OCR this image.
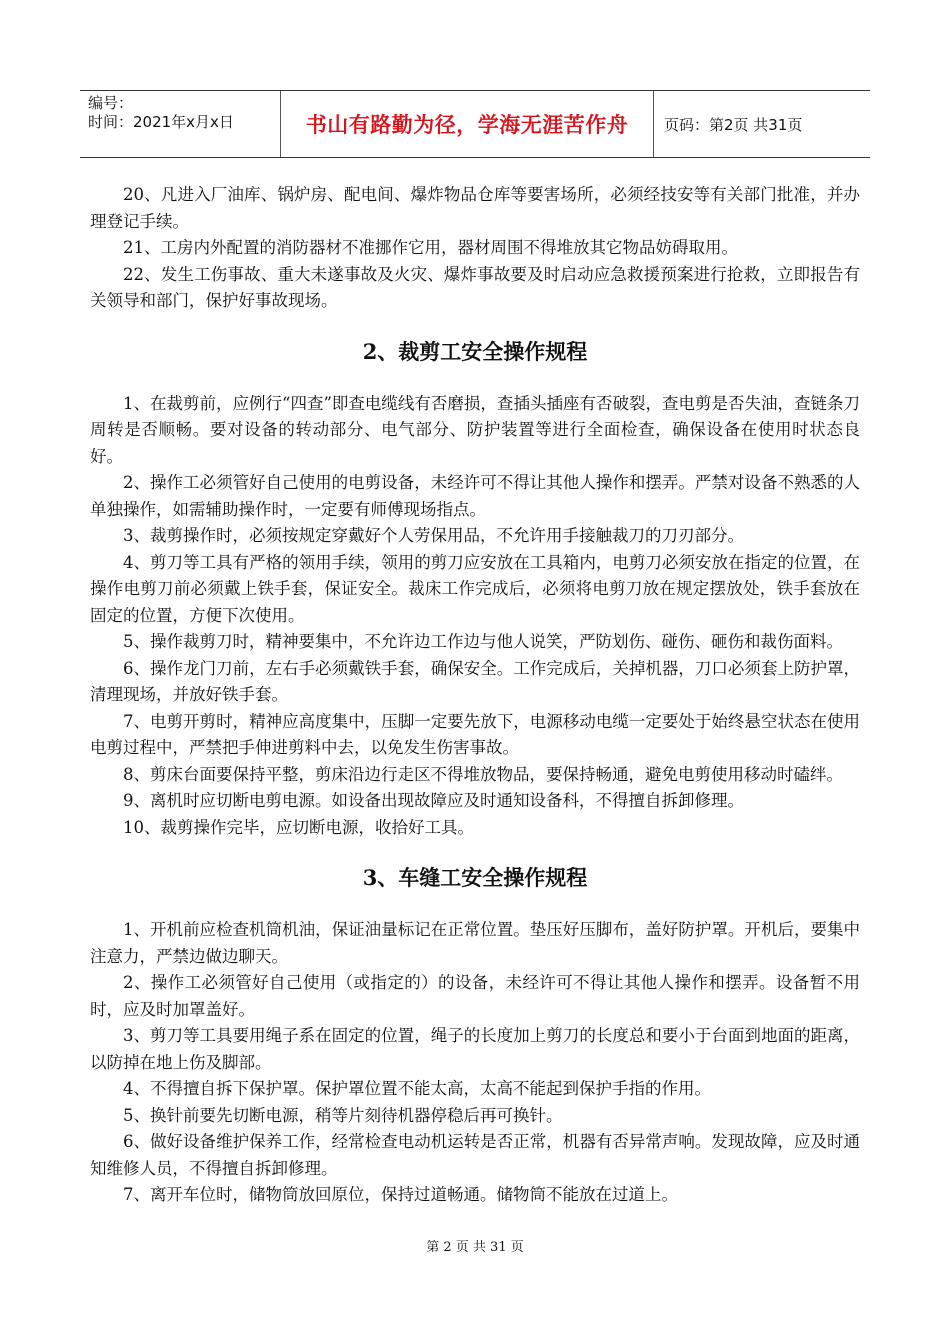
编号：
时间：2021年x月x日	书山有路勤为径，学海无涯苦作舟	页码：第2页 共31页

20、凡进入厂油库、锅炉房、配电间、爆炸物品仓库等要害场所，必须经技安等有关部门批准，并办理登记手续。

21、工房内外配置的消防器材不准挪作它用，器材周围不得堆放其它物品妨碍取用。

22、发生工伤事故、重大未遂事故及火灾、爆炸事故要及时启动应急救援预案进行抢救，立即报告有关领导和部门，保护好事故现场。

2、裁剪工安全操作规程

1、在裁剪前，应例行“四查”即查电缆线有否磨损，查插头插座有否破裂，查电剪是否失油，查链条刀周转是否顺畅。要对设备的转动部分、电气部分、防护装置等进行全面检查，确保设备在使用时状态良好。

2、操作工必须管好自己使用的电剪设备，未经许可不得让其他人操作和摆弄。严禁对设备不熟悉的人单独操作，如需辅助操作时，一定要有师傅现场指点。

3、裁剪操作时，必须按规定穿戴好个人劳保用品，不允许用手接触裁刀的刀刃部分。

4、剪刀等工具有严格的领用手续，领用的剪刀应安放在工具箱内，电剪刀必须安放在指定的位置，在操作电剪刀前必须戴上铁手套，保证安全。裁床工作完成后，必须将电剪刀放在规定摆放处，铁手套放在固定的位置，方便下次使用。

5、操作裁剪刀时，精神要集中，不允许边工作边与他人说笑，严防划伤、碰伤、砸伤和裁伤面料。

6、操作龙门刀前，左右手必须戴铁手套，确保安全。工作完成后，关掉机器，刀口必须套上防护罩，清理现场，并放好铁手套。

7、电剪开剪时，精神应高度集中，压脚一定要先放下，电源移动电缆一定要处于始终悬空状态在使用电剪过程中，严禁把手伸进剪料中去，以免发生伤害事故。

8、剪床台面要保持平整，剪床沿边行走区不得堆放物品，要保持畅通，避免电剪使用移动时磕绊。

9、离机时应切断电剪电源。如设备出现故障应及时通知设备科，不得擅自拆卸修理。

10、裁剪操作完毕，应切断电源，收拾好工具。

3、车缝工安全操作规程

1、开机前应检查机筒机油，保证油量标记在正常位置。垫压好压脚布，盖好防护罩。开机后，要集中注意力，严禁边做边聊天。

2、操作工必须管好自己使用（或指定的）的设备，未经许可不得让其他人操作和摆弄。设备暂不用时，应及时加罩盖好。

3、剪刀等工具要用绳子系在固定的位置，绳子的长度加上剪刀的长度总和要小于台面到地面的距离，以防掉在地上伤及脚部。

4、不得擅自拆下保护罩。保护罩位置不能太高，太高不能起到保护手指的作用。

5、换针前要先切断电源，稍等片刻待机器停稳后再可换针。

6、做好设备维护保养工作，经常检查电动机运转是否正常，机器有否异常声响。发现故障，应及时通知维修人员，不得擅自拆卸修理。

7、离开车位时，储物筒放回原位，保持过道畅通。储物筒不能放在过道上。

第 2 页 共 31 页
